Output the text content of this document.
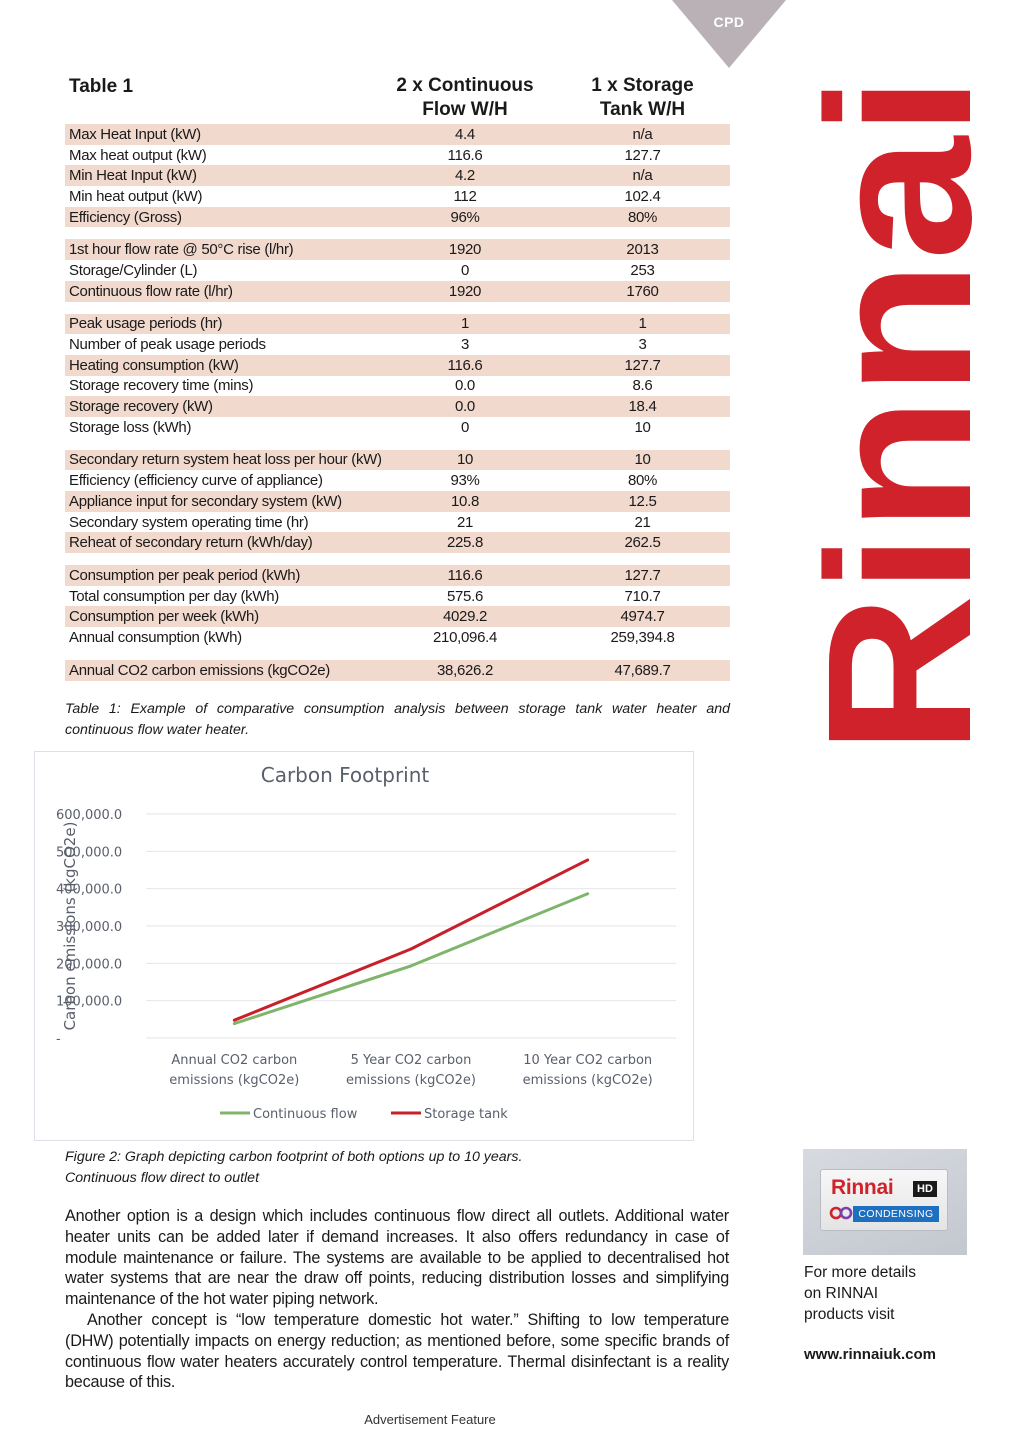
CPD
Rinnai
Table 1	2 x Continuous
Flow W/H
1 x Storage
Tank W/H
Max Heat Input (kW)	4.4	n/a
Max heat output (kW)	116.6	127.7
Min Heat Input (kW)	4.2	n/a
Min heat output (kW)	112	102.4
Efficiency (Gross)	96%	80%
1st hour flow rate @ 50°C rise (l/hr)	1920	2013
Storage/Cylinder (L)	0	253
Continuous flow rate (l/hr)	1920	1760
Peak usage periods (hr)	1	1
Number of peak usage periods	3	3
Heating consumption (kW)	116.6	127.7
Storage recovery time (mins)	0.0	8.6
Storage recovery (kW)	0.0	18.4
Storage loss (kWh)	0	10
Secondary return system heat loss per hour (kW)	10	10
Efficiency (efficiency curve of appliance)	93%	80%
Appliance input for secondary system (kW)	10.8	12.5
Secondary system operating time (hr)	21	21
Reheat of secondary return (kWh/day)	225.8	262.5
Consumption per peak period (kWh)	116.6	127.7
Total consumption per day (kWh)	575.6	710.7
Consumption per week (kWh)	4029.2	4974.7
Annual consumption (kWh)	210,096.4	259,394.8
Annual CO2 carbon emissions (kgCO2e)	38,626.2	47,689.7
Table 1: Example of comparative consumption analysis between storage tank water heater and continuous flow water heater.
Carbon Footprint
Carbon emissions (kgCO2e)
-
100,000.0
200,000.0
300,000.0
400,000.0
500,000.0
600,000.0
Annual CO2 carbon
emissions (kgCO2e)
5 Year CO2 carbon
emissions (kgCO2e)
10 Year CO2 carbon
emissions (kgCO2e)
Continuous flow	Storage tank
Figure 2: Graph depicting carbon footprint of both options up to 10 years.
Continuous flow direct to outlet

Another option is a design which includes continuous flow direct all outlets. Additional water heater units can be added later if demand increases. It also offers redundancy in case of module maintenance or failure. The systems are available to be applied to decentralised hot water systems that are near the draw off points, reducing distribution losses and simplifying maintenance of the hot water piping network.

Another concept is “low temperature domestic hot water.” Shifting to low temperature (DHW) potentially impacts on energy reduction; as mentioned before, some specific brands of continuous flow water heaters accurately control temperature. Thermal disinfectant is a reality because of this.

Advertisement Feature
Rinnai	HD
CONDENSING
For more details
on RINNAI
products visit
www.rinnaiuk.com
